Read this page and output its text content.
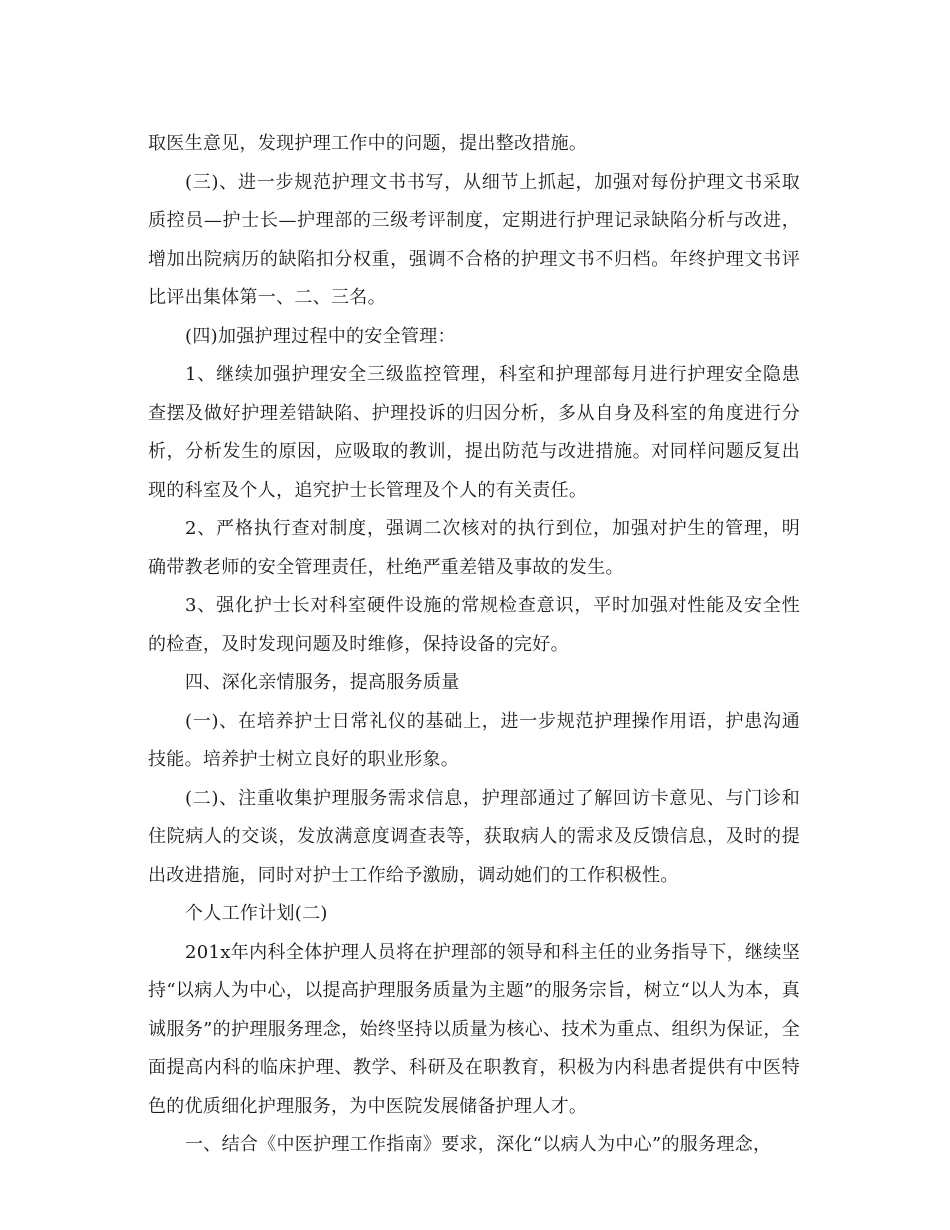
取医生意见，发现护理工作中的问题，提出整改措施。

(三)、进一步规范护理文书书写，从细节上抓起，加强对每份护理文书采取质控员—护士长—护理部的三级考评制度，定期进行护理记录缺陷分析与改进，增加出院病历的缺陷扣分权重，强调不合格的护理文书不归档。年终护理文书评比评出集体第一、二、三名。

(四)加强护理过程中的安全管理：

1、继续加强护理安全三级监控管理，科室和护理部每月进行护理安全隐患查摆及做好护理差错缺陷、护理投诉的归因分析，多从自身及科室的角度进行分析，分析发生的原因，应吸取的教训，提出防范与改进措施。对同样问题反复出现的科室及个人，追究护士长管理及个人的有关责任。

2、严格执行查对制度，强调二次核对的执行到位，加强对护生的管理，明确带教老师的安全管理责任，杜绝严重差错及事故的发生。

3、强化护士长对科室硬件设施的常规检查意识，平时加强对性能及安全性的检查，及时发现问题及时维修，保持设备的完好。

四、深化亲情服务，提高服务质量

(一)、在培养护士日常礼仪的基础上，进一步规范护理操作用语，护患沟通技能。培养护士树立良好的职业形象。

(二)、注重收集护理服务需求信息，护理部通过了解回访卡意见、与门诊和住院病人的交谈，发放满意度调查表等，获取病人的需求及反馈信息，及时的提出改进措施，同时对护士工作给予激励，调动她们的工作积极性。

个人工作计划(二)

201x年内科全体护理人员将在护理部的领导和科主任的业务指导下，继续坚持“以病人为中心，以提高护理服务质量为主题”的服务宗旨，树立“以人为本，真诚服务”的护理服务理念，始终坚持以质量为核心、技术为重点、组织为保证，全面提高内科的临床护理、教学、科研及在职教育，积极为内科患者提供有中医特色的优质细化护理服务，为中医院发展储备护理人才。

一、结合《中医护理工作指南》要求，深化“以病人为中心”的服务理念，
